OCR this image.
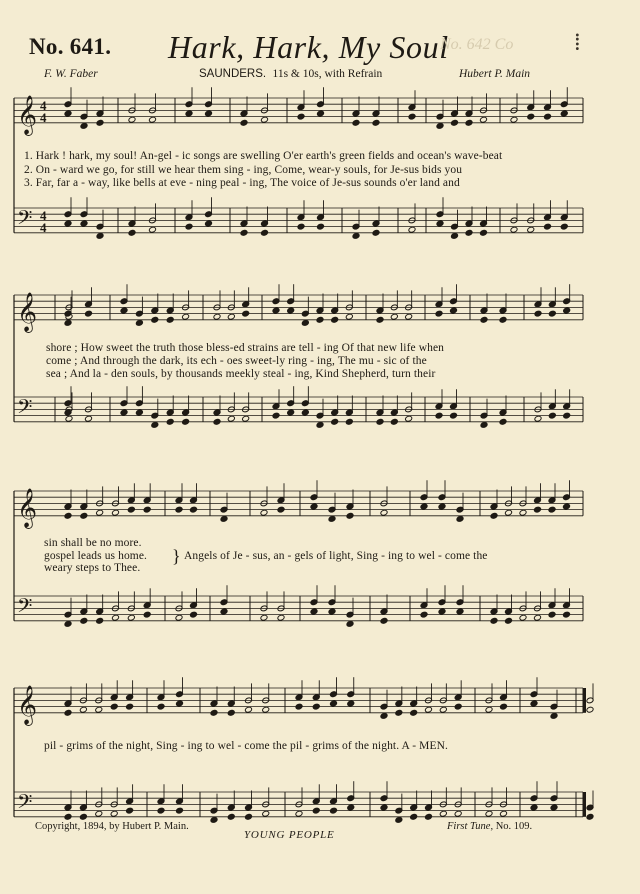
No. 641. Hark, Hark, My Soul
No. 642 Co	⁞
F. W. Faber	SAUNDERS. 11s & 10s, with Refrain	Hubert P. Main
𝄞 4
4
𝄢 4
4
𝄞
𝄢
𝄞
𝄢
𝄞
𝄢
1. Hark ! hark, my soul! An-gel - ic songs are swelling O'er earth's green fields and ocean's wave-beat
2. On - ward we go, for still we hear them sing - ing, Come, wear-y souls, for Je-sus bids you
3. Far, far a - way, like bells at eve - ning peal - ing, The voice of Je-sus sounds o'er land and
shore ; How sweet the truth those bless-ed strains are tell - ing Of that new life when
come ; And through the dark, its ech - oes sweet-ly ring - ing, The mu - sic of the
sea ; And la - den souls, by thousands meekly steal - ing, Kind Shepherd, turn their
sin shall be no more.
gospel leads us home.
weary steps to Thee.
} Angels of Je - sus, an - gels of light, Sing - ing to wel - come the
pil - grims of the night, Sing - ing to wel - come the pil - grims of the night. A - MEN.
Copyright, 1894, by Hubert P. Main.
YOUNG PEOPLE
First Tune, No. 109.
